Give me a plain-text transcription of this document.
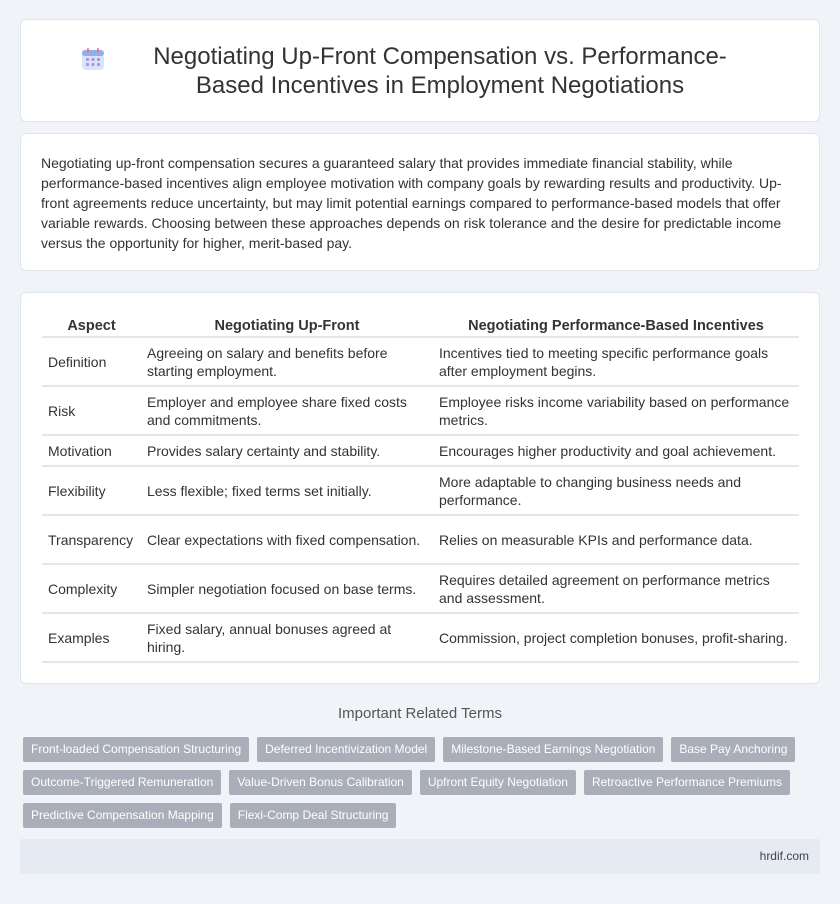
Negotiating Up-Front Compensation vs. Performance-Based Incentives in Employment Negotiations

Negotiating up-front compensation secures a guaranteed salary that provides immediate financial stability, while performance-based incentives align employee motivation with company goals by rewarding results and productivity. Up-front agreements reduce uncertainty, but may limit potential earnings compared to performance-based models that offer variable rewards. Choosing between these approaches depends on risk tolerance and the desire for predictable income versus the opportunity for higher, merit-based pay.

Aspect	Negotiating Up-Front	Negotiating Performance-Based Incentives
Definition	Agreeing on salary and benefits before starting employment.	Incentives tied to meeting specific performance goals after employment begins.
Risk	Employer and employee share fixed costs and commitments.	Employee risks income variability based on performance metrics.
Motivation	Provides salary certainty and stability.	Encourages higher productivity and goal achievement.
Flexibility	Less flexible; fixed terms set initially.	More adaptable to changing business needs and performance.
Transparency	Clear expectations with fixed compensation.	Relies on measurable KPIs and performance data.
Complexity	Simpler negotiation focused on base terms.	Requires detailed agreement on performance metrics and assessment.
Examples	Fixed salary, annual bonuses agreed at hiring.	Commission, project completion bonuses, profit-sharing.
Important Related Terms
Front-loaded Compensation Structuring	Deferred Incentivization Model	Milestone-Based Earnings Negotiation	Base Pay Anchoring
Outcome-Triggered Remuneration	Value-Driven Bonus Calibration	Upfront Equity Negotiation	Retroactive Performance Premiums
Predictive Compensation Mapping	Flexi-Comp Deal Structuring
hrdif.com
